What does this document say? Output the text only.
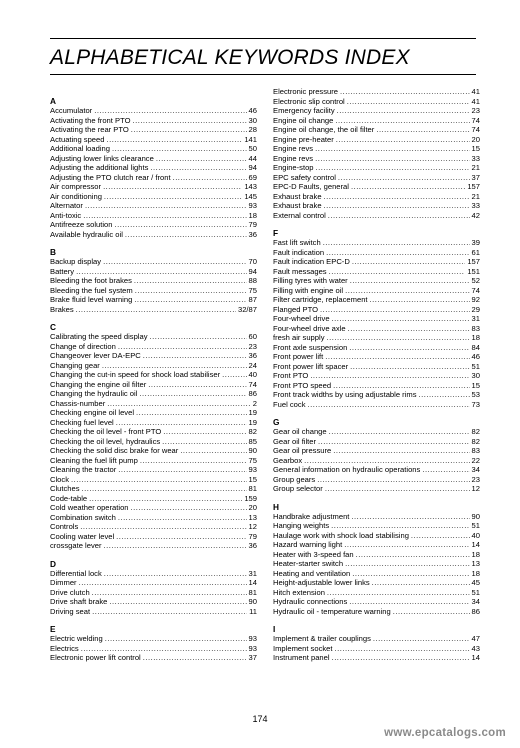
ALPHABETICAL KEYWORDS INDEX
A
Accumulator .....	46
Activating the front PTO .....	30
Activating the rear PTO .....	28
Actuating speed .....	141
Additional loading .....	50
Adjusting lower links clearance .....	44
Adjusting the additional lights .....	94
Adjusting the PTO clutch rear / front .....	69
Air compressor .....	143
Air conditioning .....	145
Alternator .....	93
Anti-toxic .....	18
Antifreeze solution .....	79
Available hydraulic oil .....	36
B
Backup display .....	70
Battery .....	94
Bleeding the foot brakes .....	88
Bleeding the fuel system .....	75
Brake fluid level warning .....	87
Brakes .....	32/87
C
Calibrating the speed display .....	60
Change of direction .....	23
Changeover lever DA-EPC .....	36
Changing gear .....	24
Changing the cut-in speed for shock load stabiliser .....	40
Changing the engine oil filter .....	74
Changing the hydraulic oil .....	86
Chassis-number .....	2
Checking engine oil level .....	19
Checking fuel level .....	19
Checking the oil level - front PTO .....	82
Checking the oil level, hydraulics .....	85
Checking the solid disc brake for wear .....	90
Cleaning the fuel lift pump .....	75
Cleaning the tractor .....	93
Clock .....	15
Clutches .....	81
Code-table .....	159
Cold weather operation .....	20
Combination switch .....	13
Controls .....	12
Cooling water level .....	79
crossgate lever .....	36
D
Differential lock .....	31
Dimmer .....	14
Drive clutch .....	81
Drive shaft brake .....	90
Driving seat .....	11
E
Electric welding .....	93
Electrics .....	93
Electronic power lift control .....	37
Electronic pressure .....	41
Electronic slip control .....	41
Emergency facility .....	23
Engine oil change .....	74
Engine oil change, the oil filter .....	74
Engine pre-heater .....	20
Engine revs .....	15
Engine revs .....	33
Engine-stop .....	21
EPC safety control .....	37
EPC-D Faults, general .....	157
Exhaust brake .....	21
Exhaust brake .....	33
External control .....	42
F
Fast lift switch .....	39
Fault indication .....	61
Fault indication EPC-D .....	157
Fault messages .....	151
Filling tyres with water .....	52
Filling with engine oil .....	74
Filter cartridge, replacement .....	92
Flanged PTO .....	29
Four-wheel drive .....	31
Four-wheel drive axle .....	83
fresh air supply .....	18
Front axle suspension .....	84
Front power lift .....	46
Front power lift spacer .....	51
Front PTO .....	30
Front PTO speed .....	15
Front track widths by using adjustable rims .....	53
Fuel cock .....	73
G
Gear oil change .....	82
Gear oil filter .....	82
Gear oil pressure .....	83
Gearbox .....	22
General information on hydraulic operations .....	34
Group gears .....	23
Group selector .....	12
H
Handbrake adjustment .....	90
Hanging weights .....	51
Haulage work with shock load stabilising .....	40
Hazard warning light .....	14
Heater with 3-speed fan .....	18
Heater-starter switch .....	13
Heating and ventilation .....	18
Height-adjustable lower links .....	45
Hitch extension .....	51
Hydraulic connections .....	34
Hydraulic oil - temperature warning .....	86
I
Implement & trailer couplings .....	47
Implement socket .....	43
Instrument panel .....	14
174
www.epcatalogs.com
